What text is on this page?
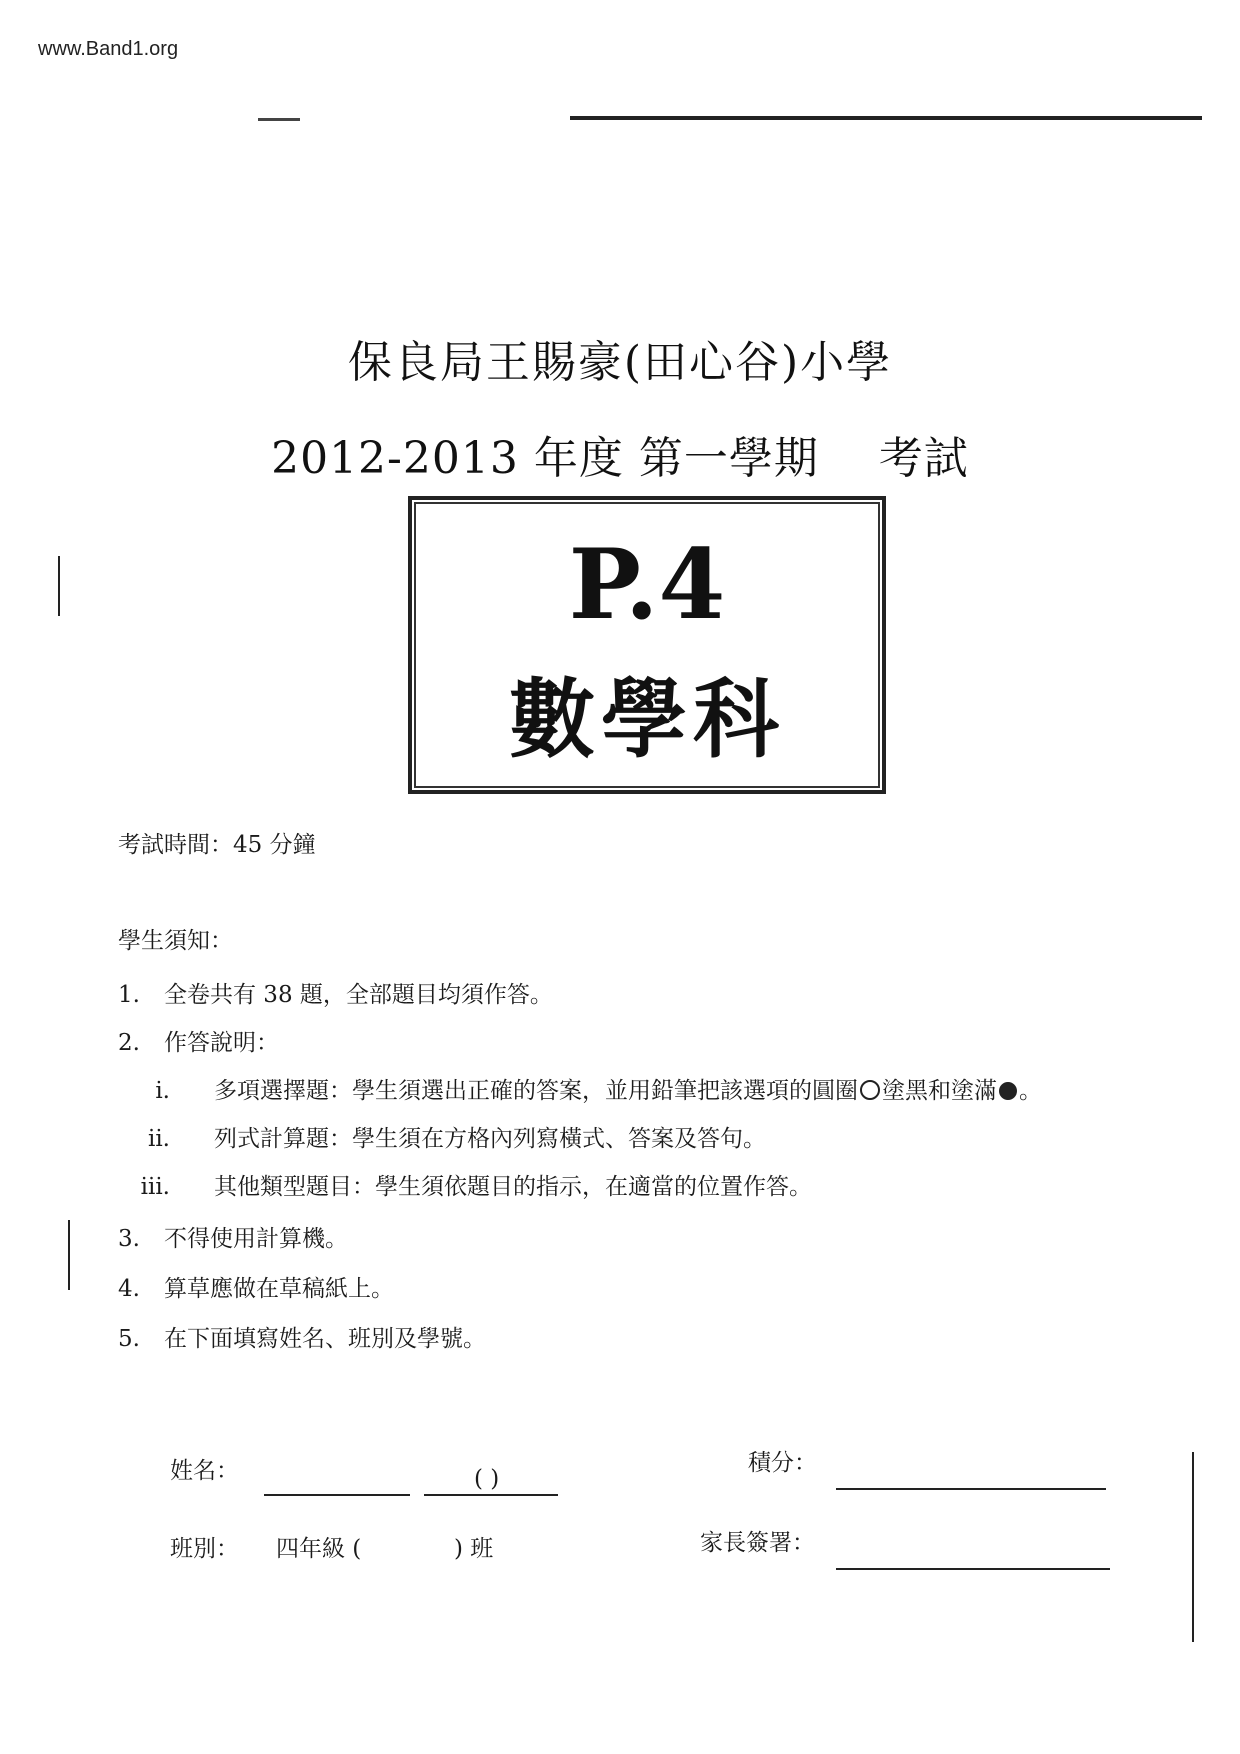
www.Band1.org
保良局王賜豪(田心谷)小學
2012-2013 年度 第一學期 考試
P.4
數學科
考試時間：45 分鐘
學生須知：
1. 全卷共有 38 題，全部題目均須作答。
2. 作答說明：
i. 多項選擇題：學生須選出正確的答案，並用鉛筆把該選項的圓圈 塗黑和塗滿 。
ii. 列式計算題：學生須在方格內列寫橫式、答案及答句。
iii. 其他類型題目：學生須依題目的指示，在適當的位置作答。
3. 不得使用計算機。
4. 算草應做在草稿紙上。
5. 在下面填寫姓名、班別及學號。
姓名：	( )
班別： 四年級 (	) 班
積分：
家長簽署：
